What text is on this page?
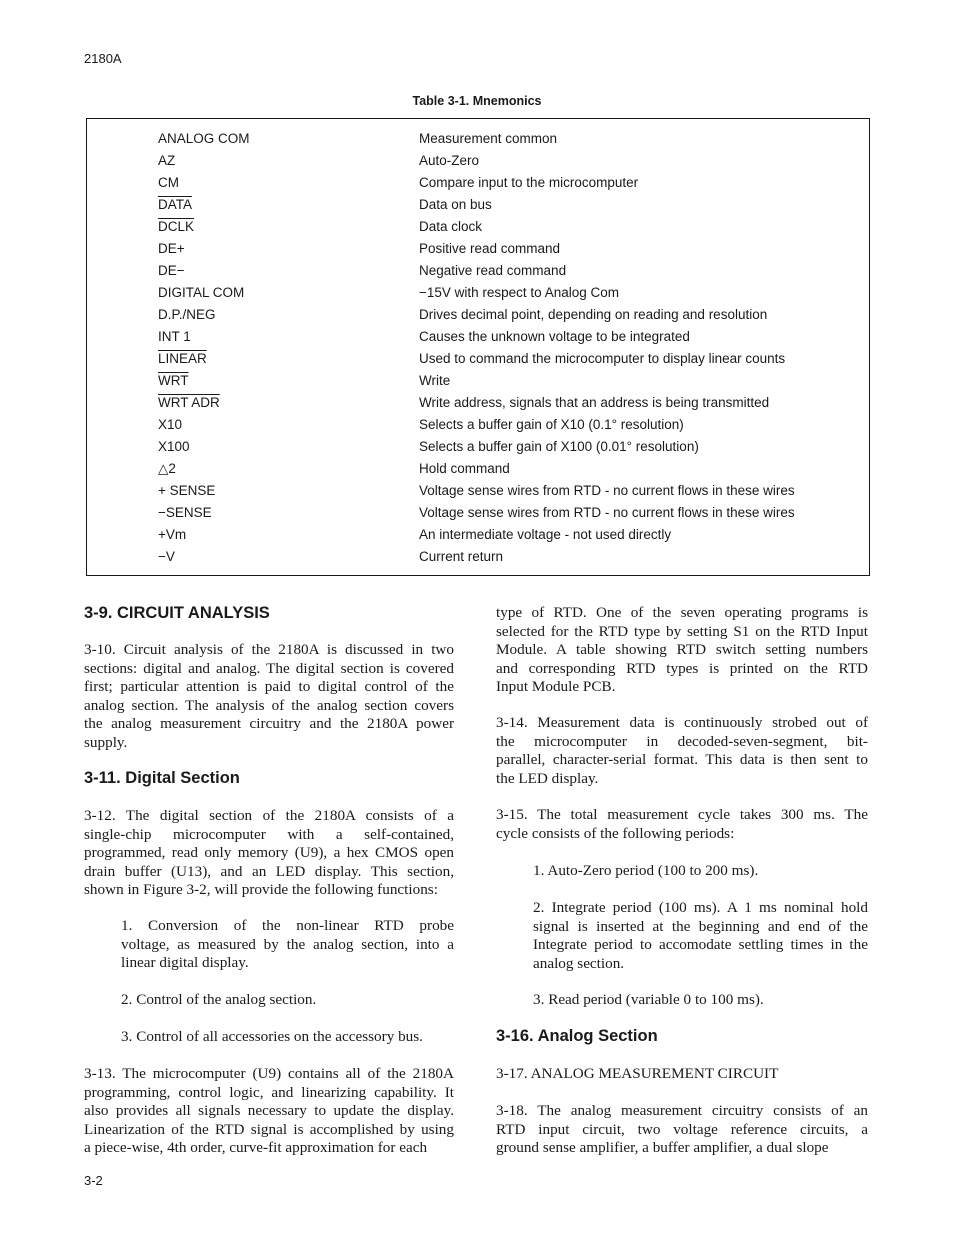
2180A
Table 3-1. Mnemonics
ANALOG COM	Measurement common
AZ	Auto-Zero
CM	Compare input to the microcomputer
DATA	Data on bus
DCLK	Data clock
DE+	Positive read command
DE−	Negative read command
DIGITAL COM	−15V with respect to Analog Com
D.P./NEG	Drives decimal point, depending on reading and resolution
INT 1	Causes the unknown voltage to be integrated
LINEAR	Used to command the microcomputer to display linear counts
$\overline{WRT}$	Write
WRT ADR	Write address, signals that an address is being transmitted
X10	Selects a buffer gain of X10 (0.1° resolution)
X100	Selects a buffer gain of X100 (0.01° resolution)
△2	Hold command
+ SENSE	Voltage sense wires from RTD - no current flows in these wires
−SENSE	Voltage sense wires from RTD - no current flows in these wires
+Vm	An intermediate voltage - not used directly
−V	Current return
3-9. CIRCUIT ANALYSIS
3-10. Circuit analysis of the 2180A is discussed in two
sections: digital and analog. The digital section is covered
first; particular attention is paid to digital control of the
analog section. The analysis of the analog section covers
the analog measurement circuitry and the 2180A power
supply.
3-11. Digital Section
3-12. The digital section of the 2180A consists of a
single-chip microcomputer with a self-contained,
programmed, read only memory (U9), a hex CMOS open
drain buffer (U13), and an LED display. This section,
shown in Figure 3-2, will provide the following functions:
1. Conversion of the non-linear RTD probe
voltage, as measured by the analog section, into a
linear digital display.
2. Control of the analog section.
3. Control of all accessories on the accessory bus.
3-13. The microcomputer (U9) contains all of the 2180A
programming, control logic, and linearizing capability. It
also provides all signals necessary to update the display.
Linearization of the RTD signal is accomplished by using
a piece-wise, 4th order, curve-fit approximation for each
type of RTD. One of the seven operating programs is
selected for the RTD type by setting S1 on the RTD Input
Module. A table showing RTD switch setting numbers
and corresponding RTD types is printed on the RTD
Input Module PCB.
3-14. Measurement data is continuously strobed out of
the microcomputer in decoded-seven-segment, bit-
parallel, character-serial format. This data is then sent to
the LED display.
3-15. The total measurement cycle takes 300 ms. The
cycle consists of the following periods:
1. Auto-Zero period (100 to 200 ms).
2. Integrate period (100 ms). A 1 ms nominal hold
signal is inserted at the beginning and end of the
Integrate period to accomodate settling times in the
analog section.
3. Read period (variable 0 to 100 ms).
3-16. Analog Section
3-17. ANALOG MEASUREMENT CIRCUIT
3-18. The analog measurement circuitry consists of an
RTD input circuit, two voltage reference circuits, a
ground sense amplifier, a buffer amplifier, a dual slope
3-2
